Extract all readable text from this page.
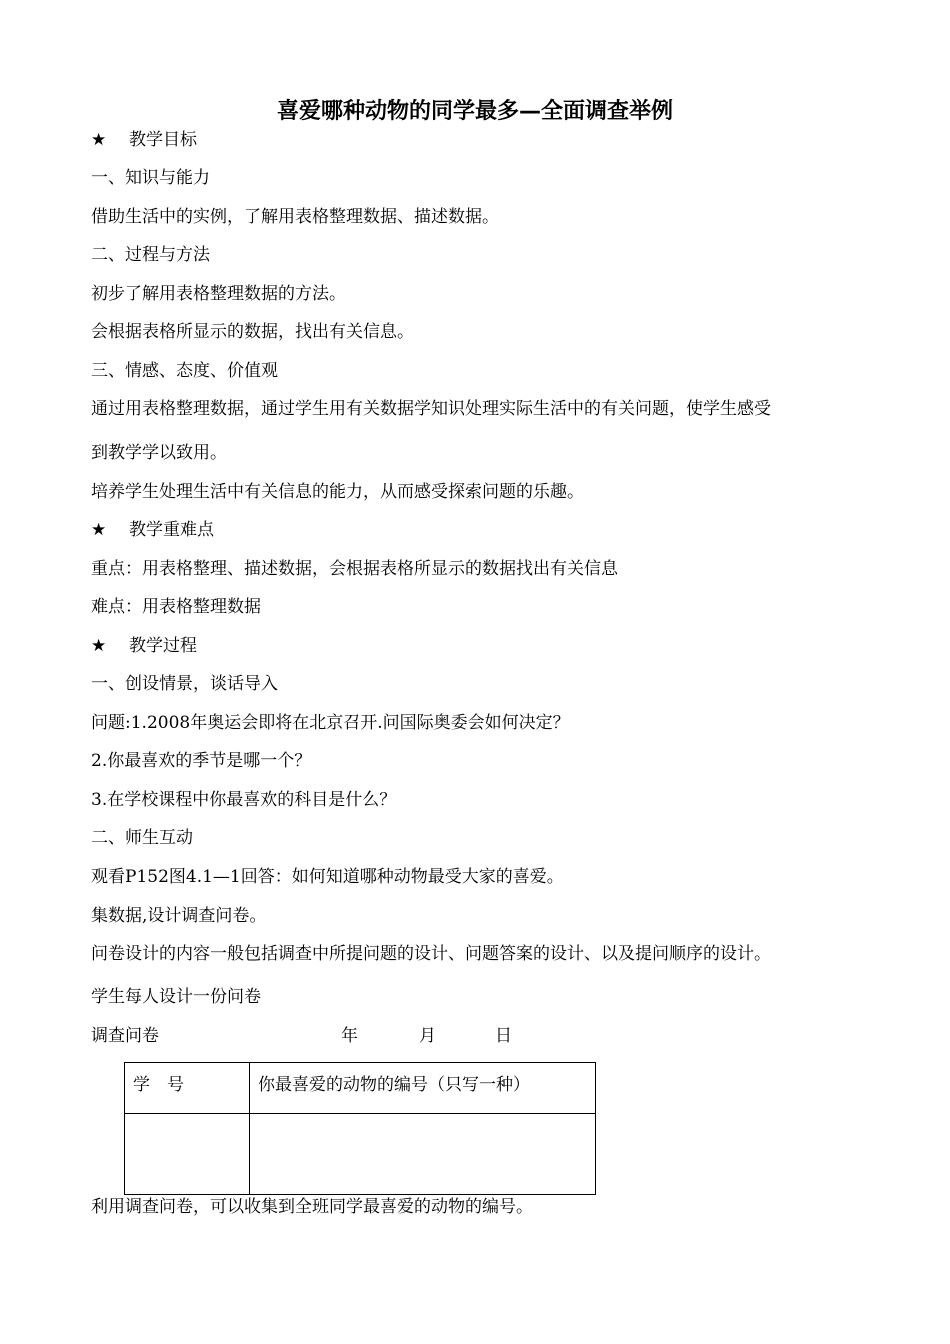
喜爱哪种动物的同学最多—全面调查举例
★ 教学目标
一、知识与能力
借助生活中的实例，了解用表格整理数据、描述数据。
二、过程与方法
初步了解用表格整理数据的方法。
会根据表格所显示的数据，找出有关信息。
三、情感、态度、价值观
通过用表格整理数据，通过学生用有关数据学知识处理实际生活中的有关问题，使学生感受
到教学学以致用。
培养学生处理生活中有关信息的能力，从而感受探索问题的乐趣。
★ 教学重难点
重点：用表格整理、描述数据，会根据表格所显示的数据找出有关信息
难点：用表格整理数据
★ 教学过程
一、创设情景，谈话导入
问题:1.2008年奥运会即将在北京召开.问国际奥委会如何决定？
2.你最喜欢的季节是哪一个？
3.在学校课程中你最喜欢的科目是什么？
二、师生互动
观看P152图4.1—1回答：如何知道哪种动物最受大家的喜爱。
集数据,设计调查问卷。
问卷设计的内容一般包括调查中所提问题的设计、问题答案的设计、以及提问顺序的设计。
学生每人设计一份问卷
调查问卷	年	月	日
学　号	你最喜爱的动物的编号（只写一种）

利用调查问卷，可以收集到全班同学最喜爱的动物的编号。
